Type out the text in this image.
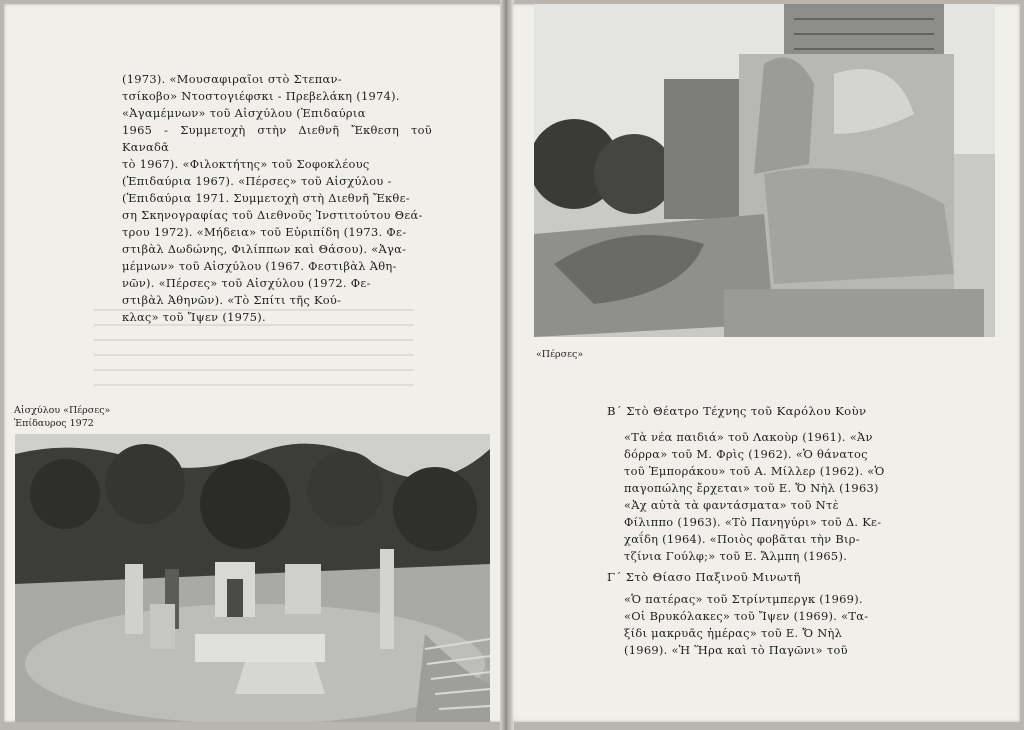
(1973). «Μουσαφιραῖοι στὸ Στεπαν-

τσίκοβο» Ντοστογιέφσκι - Πρεβελάκη (1974).

«Ἀγαμέμνων» τοῦ Αἰσχύλου (Ἐπιδαύρια

1965 - Συμμετοχὴ στὴν Διεθνῆ Ἔκθεση τοῦ Καναδᾶ

τὸ 1967). «Φιλοκτήτης» τοῦ Σοφοκλέους

(Ἐπιδαύρια 1967). «Πέρσες» τοῦ Αἰσχύλου -

(Ἐπιδαύρια 1971. Συμμετοχὴ στὴ Διεθνῆ Ἔκθε-

ση Σκηνογραφίας τοῦ Διεθνοῦς Ἰνστιτούτου Θεά-

τρου 1972). «Μήδεια» τοῦ Εὐριπίδη (1973. Φε-

στιβὰλ Δωδώνης, Φιλίππων καὶ Θάσου). «Ἀγα-

μέμνων» τοῦ Αἰσχύλου (1967. Φεστιβὰλ Ἀθη-

νῶν). «Πέρσες» τοῦ Αἰσχύλου (1972. Φε-

στιβὰλ Ἀθηνῶν). «Τὸ Σπίτι τῆς Κού-

κλας» τοῦ Ἴψεν (1975).

Αἰσχύλου «Πέρσες»
Ἐπίδαυρος 1972
«Πέρσες»
Β΄ Στὸ Θέατρο Τέχνης τοῦ Καρόλου Κοὺν

«Τὰ νέα παιδιά» τοῦ Λακοὺρ (1961). «Ἀν

δόρρα» τοῦ Μ. Φρὶς (1962). «Ὁ θάνατος

τοῦ Ἐμποράκου» τοῦ Α. Μίλλερ (1962). «Ὁ

παγοπώλης ἔρχεται» τοῦ Ε. Ὄ Νὴλ (1963)

«Ἀχ αὐτὰ τὰ φαντάσματα» τοῦ Ντὲ

Φίλιππο (1963). «Τὸ Πανηγύρι» τοῦ Δ. Κε-

χαΐδη (1964). «Ποιὸς φοβᾶται τὴν Βιρ-

τζίνια Γούλφ;» τοῦ Ε. Ἄλμπη (1965).

Γ΄ Στὸ Θίασο Παξινοῦ Μινωτῆ

«Ὁ πατέρας» τοῦ Στρίντμπεργκ (1969).

«Οἱ Βρυκόλακες» τοῦ Ἴψεν (1969). «Τα-

ξίδι μακρυᾶς ἡμέρας» τοῦ Ε. Ὄ Νὴλ

(1969). «Ἡ Ἥρα καὶ τὸ Παγῶνι» τοῦ
